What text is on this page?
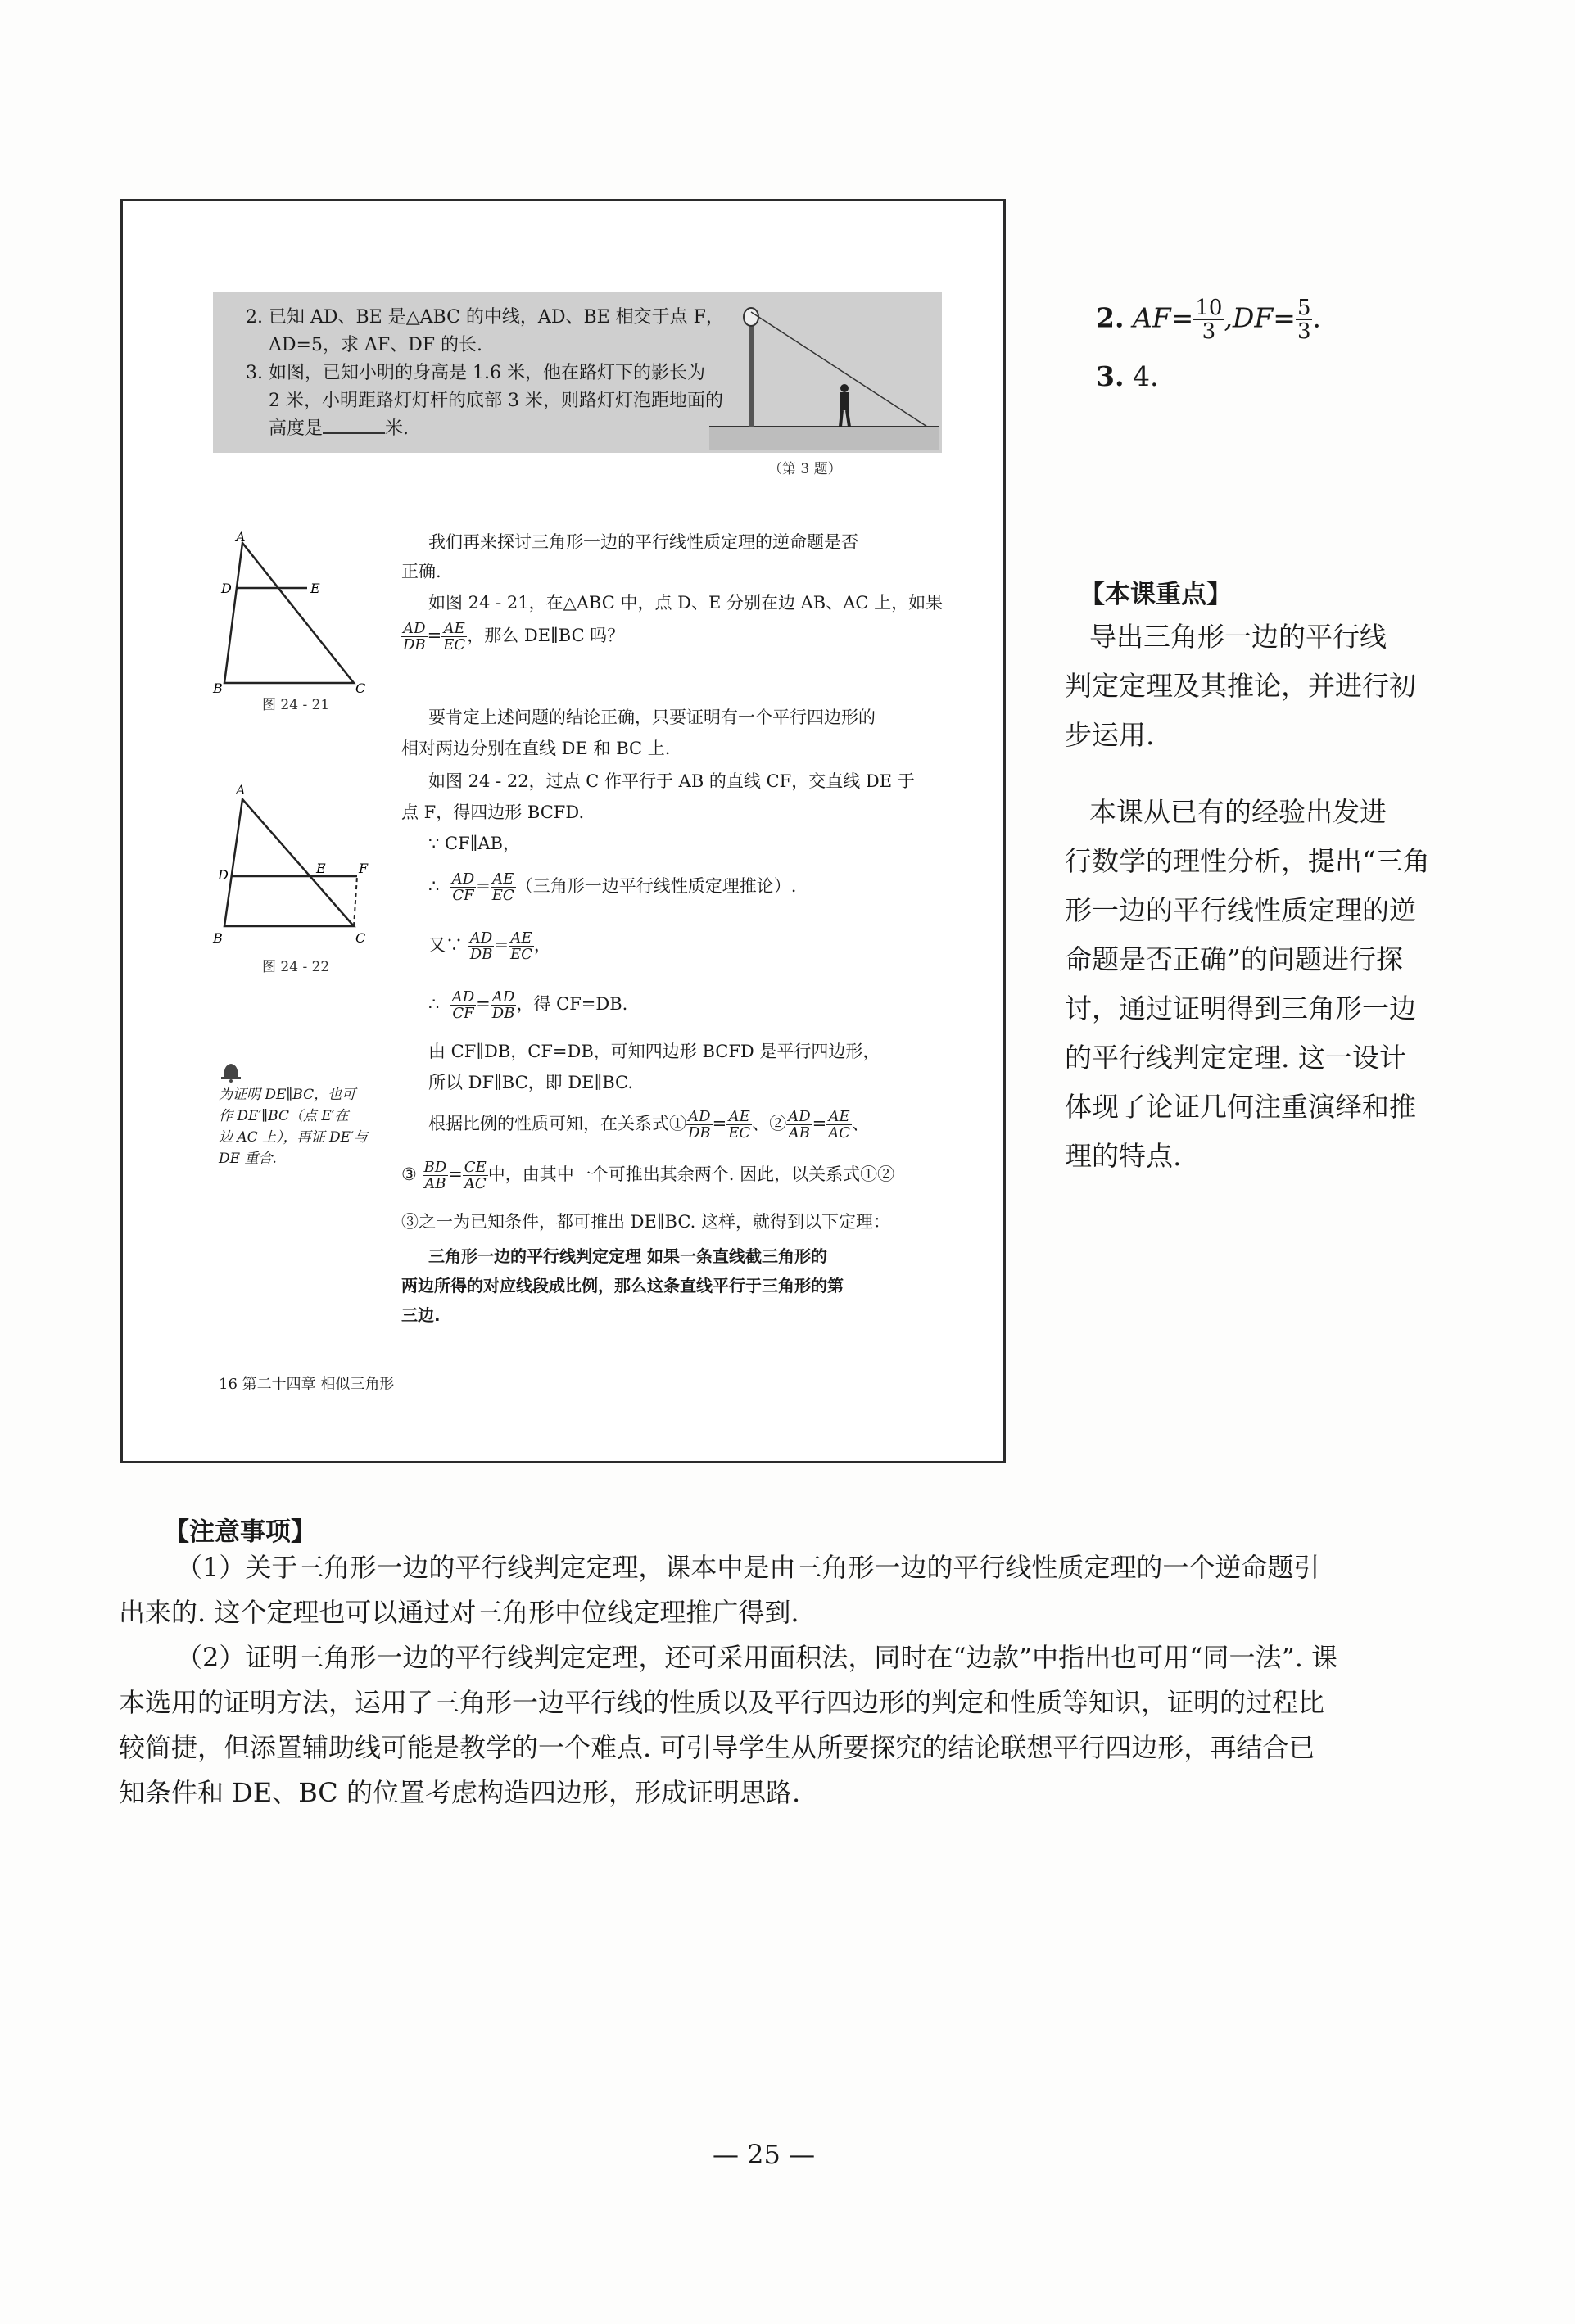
2. 已知 AD、BE 是△ABC 的中线，AD、BE 相交于点 F，
AD=5，求 AF、DF 的长.
3. 如图，已知小明的身高是 1.6 米，他在路灯下的影长为
2 米，小明距路灯灯杆的底部 3 米，则路灯灯泡距地面的
高度是	米.
（第 3 题）
A
D	E
B	C
图 24 - 21
A
D	E	F
B	C
图 24 - 22
我们再来探讨三角形一边的平行线性质定理的逆命题是否
正确.
如图 24 - 21，在△ABC 中，点 D、E 分别在边 AB、AC 上，如果
$\frac{AD}{DB} = \frac{AE}{EC}$ ，那么 DE∥BC 吗？
要肯定上述问题的结论正确，只要证明有一个平行四边形的
相对两边分别在直线 DE 和 BC 上.
如图 24 - 22，过点 C 作平行于 AB 的直线 CF，交直线 DE 于
点 F，得四边形 BCFD.
∵ CF∥AB，
∴ $\frac{AD}{CF} = \frac{AE}{EC}$ （三角形一边平行线性质定理推论）.
又∵ $\frac{AD}{DB} = \frac{AE}{EC}$ ，
∴ $\frac{AD}{CF} = \frac{AD}{DB}$ ，得 CF=DB.
由 CF∥DB，CF=DB，可知四边形 BCFD 是平行四边形，
所以 DF∥BC，即 DE∥BC.
根据比例的性质可知，在关系式① $\frac{AD}{DB} = \frac{AE}{EC}$ 、② $\frac{AD}{AB} = \frac{AE}{AC}$ 、
③ $\frac{BD}{AB} = \frac{CE}{AC}$ 中，由其中一个可推出其余两个. 因此，以关系式①②
③之一为已知条件，都可推出 DE∥BC. 这样，就得到以下定理：
三角形一边的平行线判定定理 如果一条直线截三角形的
两边所得的对应线段成比例，那么这条直线平行于三角形的第
三边.
为证明 DE∥BC，也可
作 DE′∥BC（点 E′在
边 AC 上），再证 DE′与
DE 重合.
16 第二十四章 相似三角形
2. $AF= \frac{10}{3} ,DF= \frac{5}{3}$ .
3. 4.
【本课重点】
导出三角形一边的平行线
判定定理及其推论，并进行初
步运用.
本课从已有的经验出发进
行数学的理性分析，提出“三角
形一边的平行线性质定理的逆
命题是否正确”的问题进行探
讨，通过证明得到三角形一边
的平行线判定定理. 这一设计
体现了论证几何注重演绎和推
理的特点.
【注意事项】
（1）关于三角形一边的平行线判定定理，课本中是由三角形一边的平行线性质定理的一个逆命题引
出来的. 这个定理也可以通过对三角形中位线定理推广得到.
（2）证明三角形一边的平行线判定定理，还可采用面积法，同时在“边款”中指出也可用“同一法”. 课
本选用的证明方法，运用了三角形一边平行线的性质以及平行四边形的判定和性质等知识，证明的过程比
较简捷，但添置辅助线可能是教学的一个难点. 可引导学生从所要探究的结论联想平行四边形，再结合已
知条件和 DE、BC 的位置考虑构造四边形，形成证明思路.
— 25 —
